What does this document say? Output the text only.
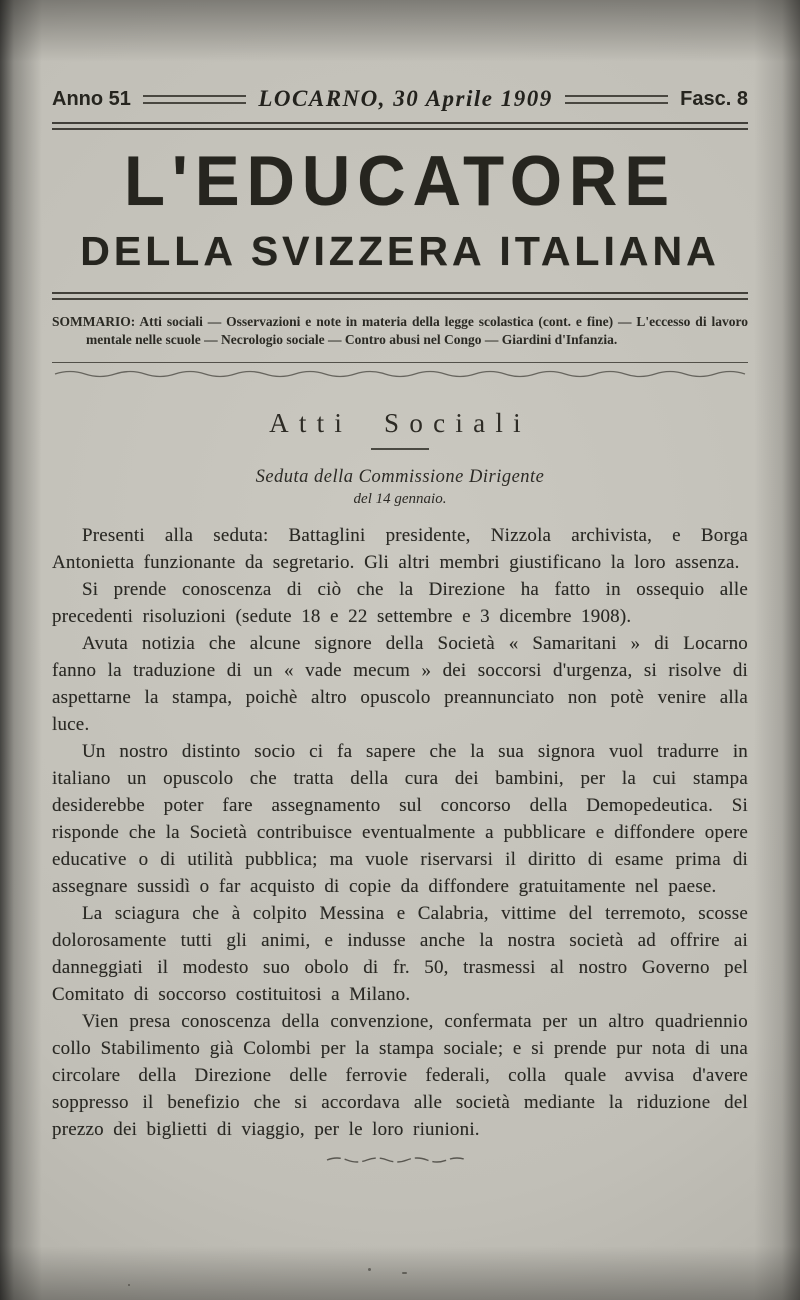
Anno 51	LOCARNO, 30 Aprile 1909	Fasc. 8
L'EDUCATORE
DELLA SVIZZERA ITALIANA

SOMMARIO: Atti sociali — Osservazioni e note in materia della legge scolastica (cont. e fine) — L'eccesso di lavoro mentale nelle scuole — Necrologio sociale — Contro abusi nel Congo — Giardini d'Infanzia.

Atti Sociali
Seduta della Commissione Dirigente
del 14 gennaio.

Presenti alla seduta: Battaglini presidente, Nizzola archivista, e Borga Antonietta funzionante da segretario. Gli altri membri giustificano la loro assenza.

Si prende conoscenza di ciò che la Direzione ha fatto in ossequio alle precedenti risoluzioni (sedute 18 e 22 settembre e 3 dicembre 1908).

Avuta notizia che alcune signore della Società « Samaritani » di Locarno fanno la traduzione di un « vade mecum » dei soccorsi d'urgenza, si risolve di aspettarne la stampa, poichè altro opuscolo preannunciato non potè venire alla luce.

Un nostro distinto socio ci fa sapere che la sua signora vuol tradurre in italiano un opuscolo che tratta della cura dei bambini, per la cui stampa desiderebbe poter fare assegnamento sul concorso della Demopedeutica. Si risponde che la Società contribuisce eventualmente a pubblicare e diffondere opere educative o di utilità pubblica; ma vuole riservarsi il diritto di esame prima di assegnare sussidì o far acquisto di copie da diffondere gratuitamente nel paese.

La sciagura che à colpito Messina e Calabria, vittime del terremoto, scosse dolorosamente tutti gli animi, e indusse anche la nostra società ad offrire ai danneggiati il modesto suo obolo di fr. 50, trasmessi al nostro Governo pel Comitato di soccorso costituitosi a Milano.

Vien presa conoscenza della convenzione, confermata per un altro quadriennio collo Stabilimento già Colombi per la stampa sociale; e si prende pur nota di una circolare della Direzione delle ferrovie federali, colla quale avvisa d'avere soppresso il benefizio che si accordava alle società mediante la riduzione del prezzo dei biglietti di viaggio, per le loro riunioni.
